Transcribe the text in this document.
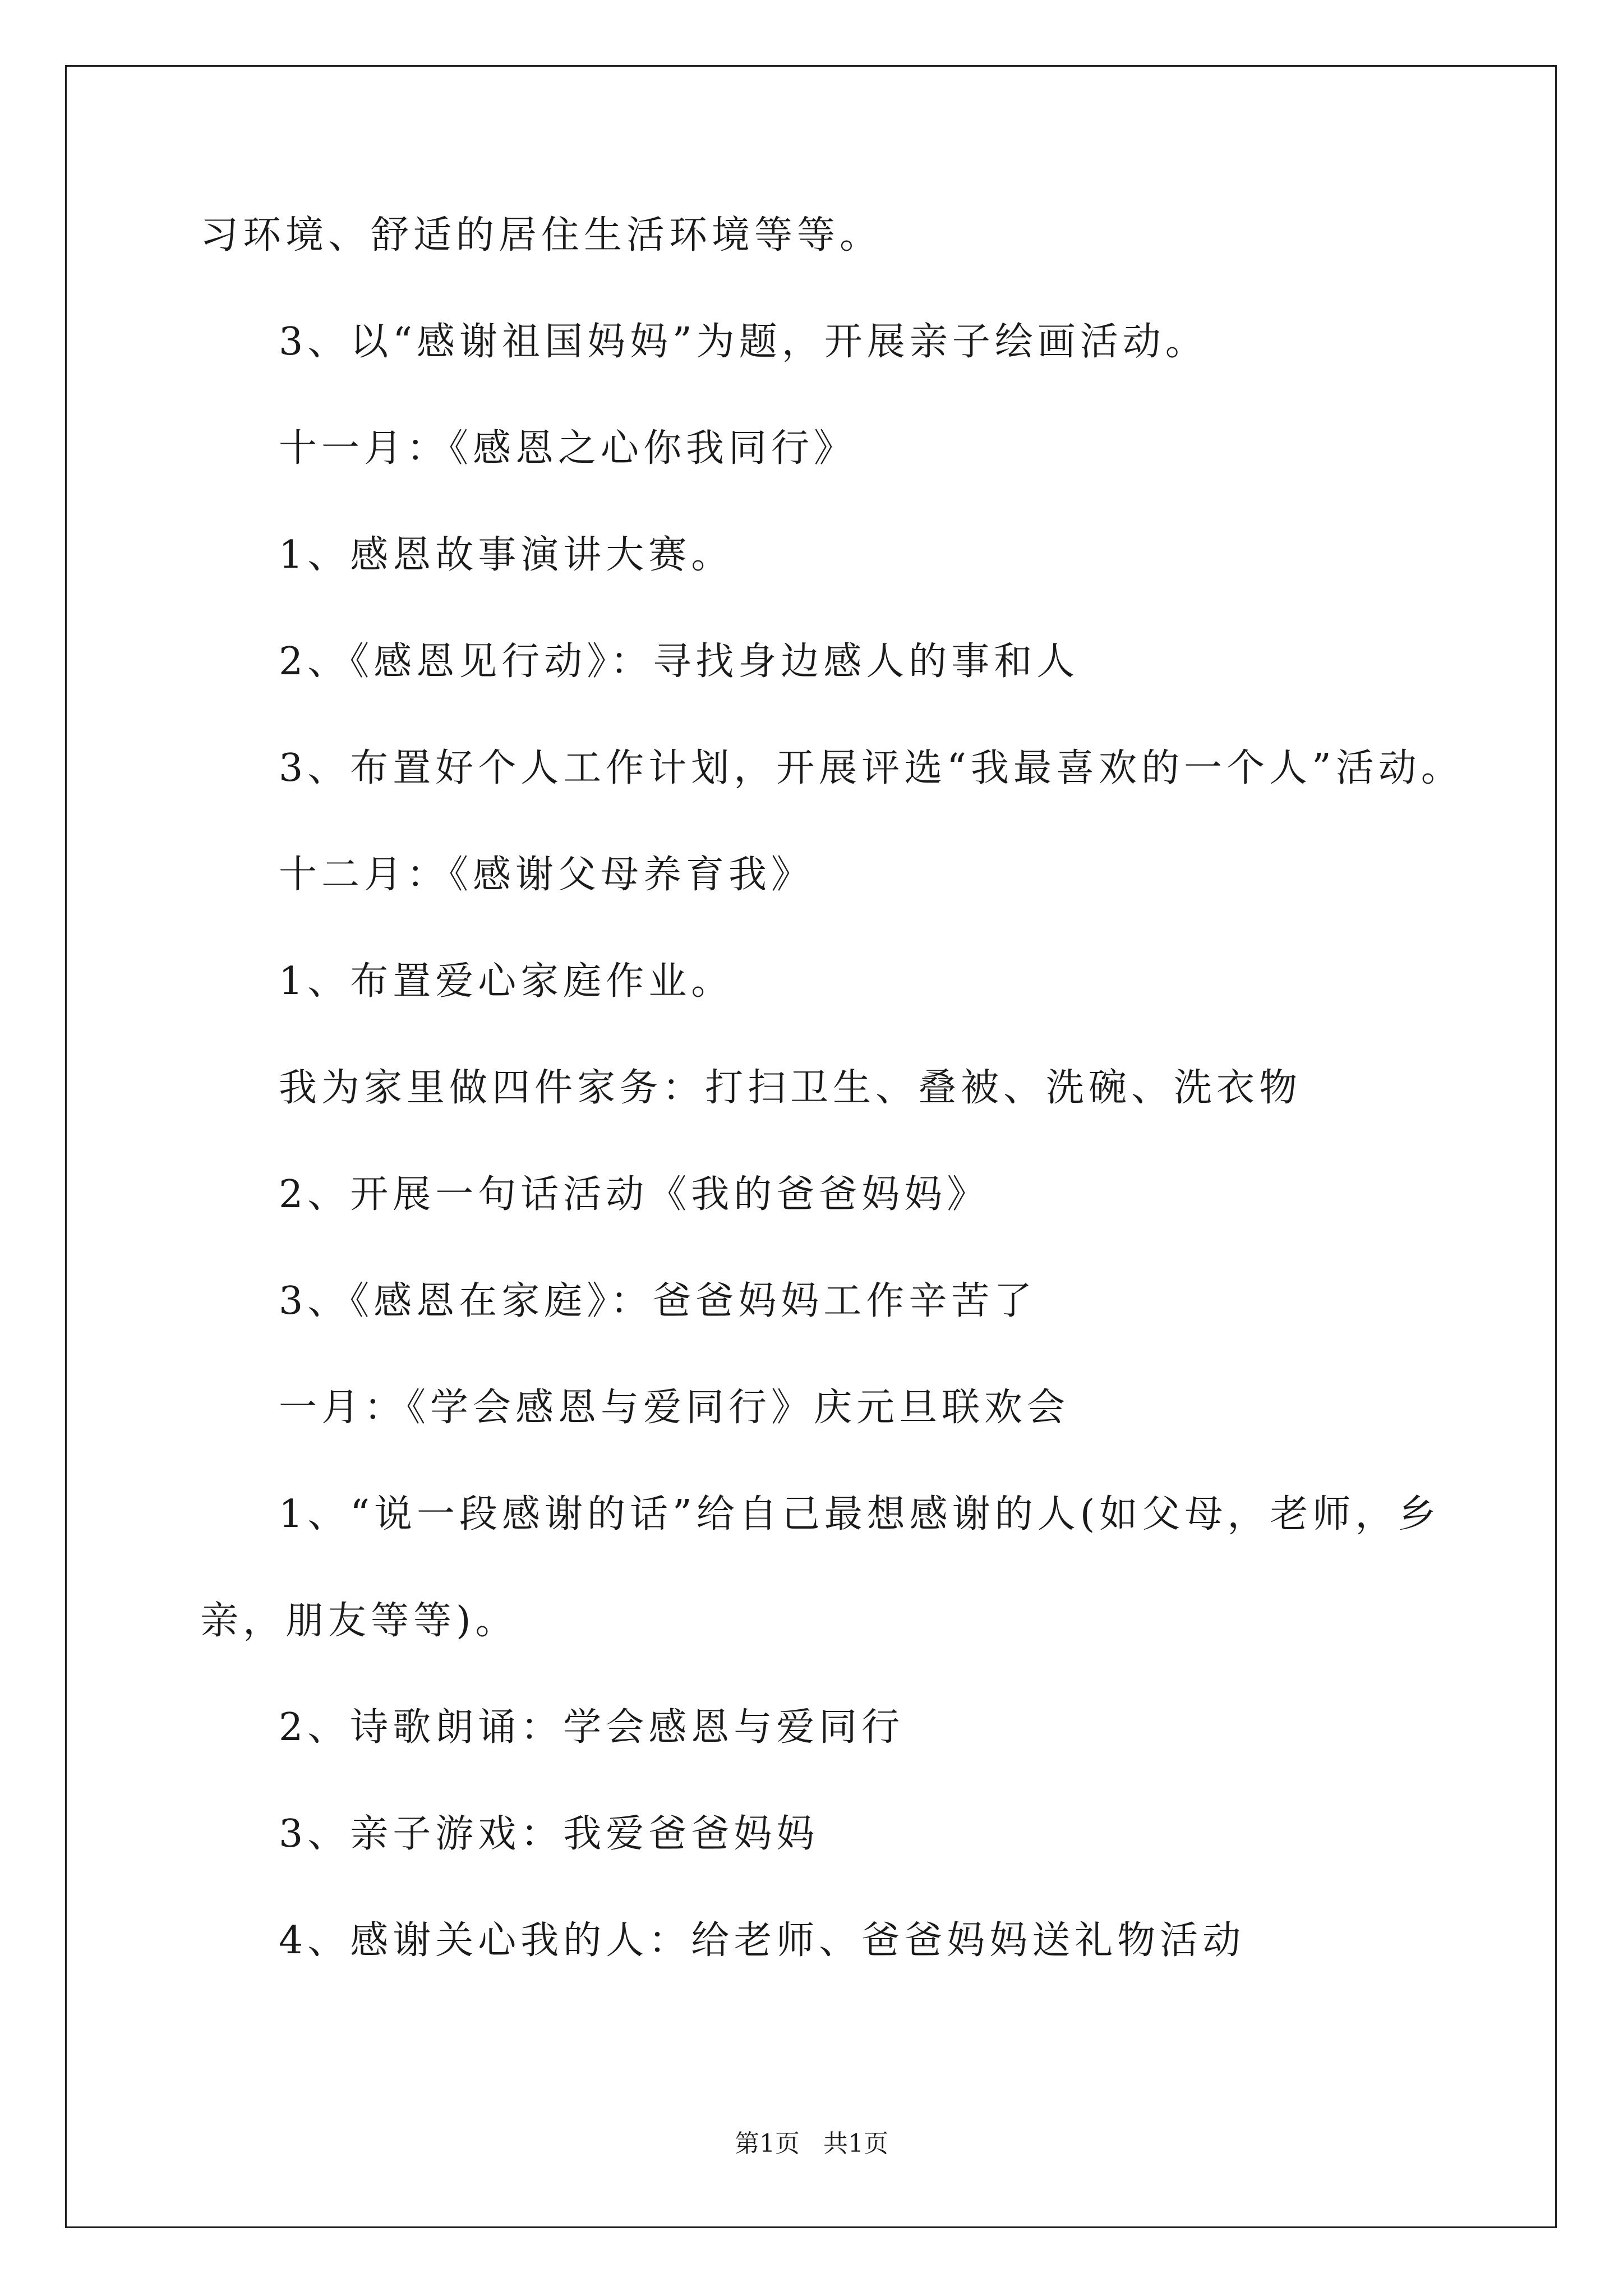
习环境、舒适的居住生活环境等等。
3、以“感谢祖国妈妈”为题，开展亲子绘画活动。
十一月：《感恩之心你我同行》
1、感恩故事演讲大赛。
2、《感恩见行动》：寻找身边感人的事和人
3、布置好个人工作计划，开展评选“我最喜欢的一个人”活动。
十二月：《感谢父母养育我》
1、布置爱心家庭作业。
我为家里做四件家务：打扫卫生、叠被、洗碗、洗衣物
2、开展一句话活动《我的爸爸妈妈》
3、《感恩在家庭》：爸爸妈妈工作辛苦了
一月：《学会感恩与爱同行》庆元旦联欢会
1、“说一段感谢的话”给自己最想感谢的人(如父母，老师，乡
亲，朋友等等)。
2、诗歌朗诵：学会感恩与爱同行
3、亲子游戏：我爱爸爸妈妈
4、感谢关心我的人：给老师、爸爸妈妈送礼物活动
第1页   共1页
